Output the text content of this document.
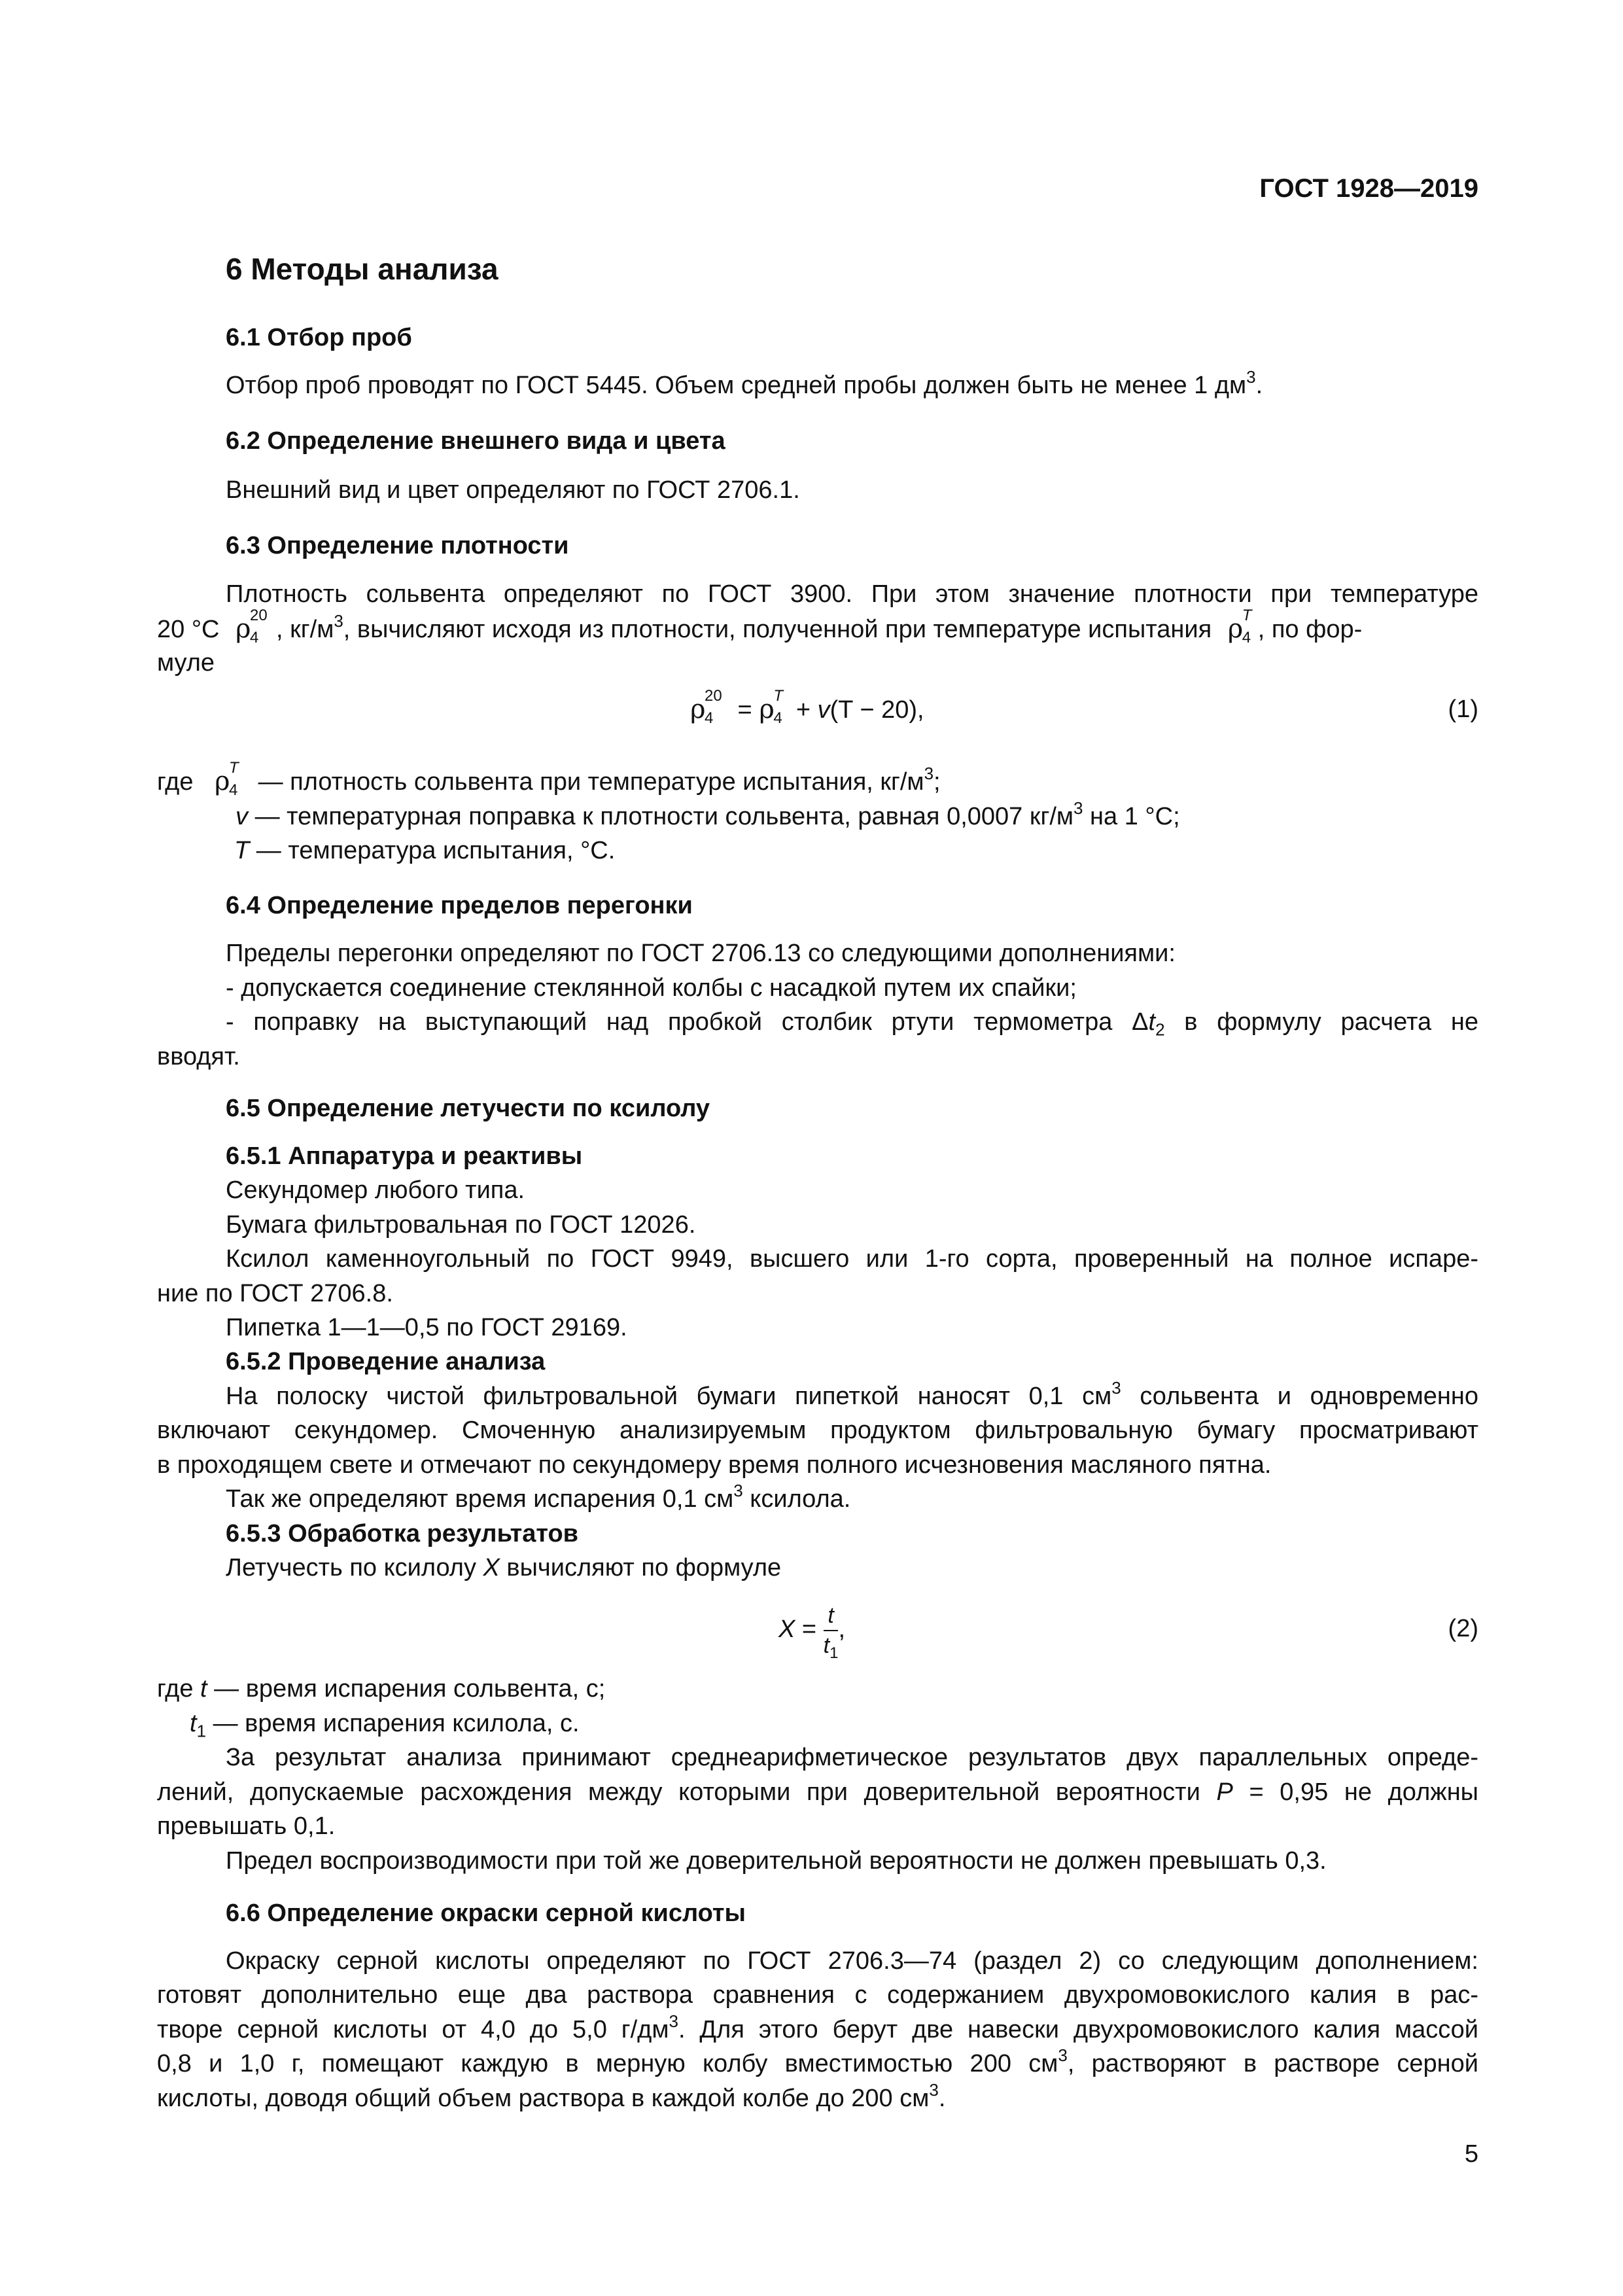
ГОСТ 1928—2019
6 Методы анализа
6.1 Отбор проб
Отбор проб проводят по ГОСТ 5445. Объем средней пробы должен быть не менее 1 $дм^3$.
6.2 Определение внешнего вида и цвета
Внешний вид и цвет определяют по ГОСТ 2706.1.
6.3 Определение плотности
Плотность сольвента определяют по ГОСТ 3900. При этом значение плотности при температуре
20 °C ρ
4
20
, $кг/м^3$, вычисляют исходя из плотности, полученной при температуре испытания ρ
4
T
, по фор-
муле
ρ
4
20
= ρ
4
T
+ v(T − 20),	(1)
где ρ
4
T
— плотность сольвента при температуре испытания, $кг/м^3$;
v — температурная поправка к плотности сольвента, равная 0,0007 $кг/м^3$ на 1 °C;
T — температура испытания, °C.
6.4 Определение пределов перегонки
Пределы перегонки определяют по ГОСТ 2706.13 со следующими дополнениями:
- допускается соединение стеклянной колбы с насадкой путем их спайки;
- поправку на выступающий над пробкой столбик ртути термометра $\Delta t_2$ в формулу расчета не
вводят.
6.5 Определение летучести по ксилолу
6.5.1 Аппаратура и реактивы
Секундомер любого типа.
Бумага фильтровальная по ГОСТ 12026.
Ксилол каменноугольный по ГОСТ 9949, высшего или 1-го сорта, проверенный на полное испаре-
ние по ГОСТ 2706.8.
Пипетка 1—1—0,5 по ГОСТ 29169.
6.5.2 Проведение анализа
На полоску чистой фильтровальной бумаги пипеткой наносят 0,1 $см^3$ сольвента и одновременно
включают секундомер. Смоченную анализируемым продуктом фильтровальную бумагу просматривают
в проходящем свете и отмечают по секундомеру время полного исчезновения масляного пятна.
Так же определяют время испарения 0,1 $см^3$ ксилола.
6.5.3 Обработка результатов
Летучесть по ксилолу X вычисляют по формуле
$X = \frac{t}{t_1}$ ,	(2)
где t — время испарения сольвента, с;
$t_1$ — время испарения ксилола, с.
За результат анализа принимают среднеарифметическое результатов двух параллельных опреде-
лений, допускаемые расхождения между которыми при доверительной вероятности P = 0,95 не должны
превышать 0,1.
Предел воспроизводимости при той же доверительной вероятности не должен превышать 0,3.
6.6 Определение окраски серной кислоты
Окраску серной кислоты определяют по ГОСТ 2706.3—74 (раздел 2) со следующим дополнением:
готовят дополнительно еще два раствора сравнения с содержанием двухромовокислого калия в рас-
творе серной кислоты от 4,0 до 5,0 $г/дм^3$. Для этого берут две навески двухромовокислого калия массой
0,8 и 1,0 г, помещают каждую в мерную колбу вместимостью 200 $см^3$, растворяют в растворе серной
кислоты, доводя общий объем раствора в каждой колбе до 200 $см^3$.
5
